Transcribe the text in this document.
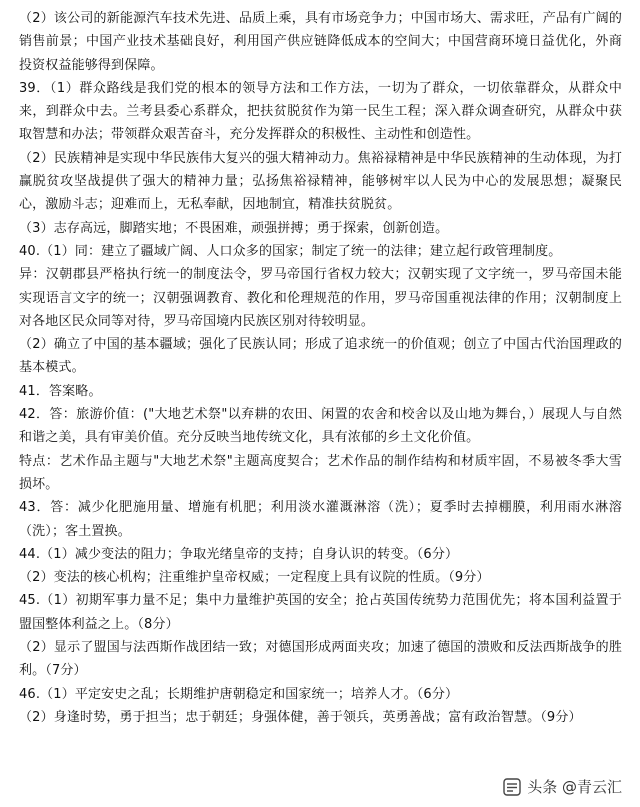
（2）该公司的新能源汽车技术先进、品质上乘，具有市场竞争力；中国市场大、需求旺，产品有广阔的销售前景；中国产业技术基础良好，利用国产供应链降低成本的空间大；中国营商环境日益优化，外商投资权益能够得到保障。

39．（1）群众路线是我们党的根本的领导方法和工作方法，一切为了群众，一切依靠群众，从群众中来，到群众中去。兰考县委心系群众，把扶贫脱贫作为第一民生工程；深入群众调查研究，从群众中获取智慧和办法；带领群众艰苦奋斗，充分发挥群众的积极性、主动性和创造性。

（2）民族精神是实现中华民族伟大复兴的强大精神动力。焦裕禄精神是中华民族精神的生动体现，为打赢脱贫攻坚战提供了强大的精神力量；弘扬焦裕禄精神，能够树牢以人民为中心的发展思想；凝聚民心，激励斗志；迎难而上，无私奉献，因地制宜，精准扶贫脱贫。

（3）志存高远，脚踏实地；不畏困难，顽强拼搏；勇于探索，创新创造。

40.（1）同：建立了疆域广阔、人口众多的国家；制定了统一的法律；建立起行政管理制度。

异：汉朝郡县严格执行统一的制度法令，罗马帝国行省权力较大；汉朝实现了文字统一，罗马帝国未能实现语言文字的统一；汉朝强调教育、教化和伦理规范的作用，罗马帝国重视法律的作用；汉朝制度上对各地区民众同等对待，罗马帝国境内民族区别对待较明显。

（2）确立了中国的基本疆域；强化了民族认同；形成了追求统一的价值观；创立了中国古代治国理政的基本模式。

41．答案略。

42．答：旅游价值：("大地艺术祭"以弃耕的农田、闲置的农舍和校舍以及山地为舞台，）展现人与自然和谐之美，具有审美价值。充分反映当地传统文化，具有浓郁的乡土文化价值。

特点：艺术作品主题与"大地艺术祭"主题高度契合；艺术作品的制作结构和材质牢固，不易被冬季大雪损坏。

43．答：减少化肥施用量、增施有机肥；利用淡水灌溉淋溶（洗）；夏季时去掉棚膜，利用雨水淋溶（洗）；客土置换。

44.（1）减少变法的阻力；争取光绪皇帝的支持；自身认识的转变。（6分）

（2）变法的核心机构；注重维护皇帝权威；一定程度上具有议院的性质。（9分）

45.（1）初期军事力量不足；集中力量维护英国的安全；抢占英国传统势力范围优先；将本国利益置于盟国整体利益之上。（8分）

（2）显示了盟国与法西斯作战团结一致；对德国形成两面夹攻；加速了德国的溃败和反法西斯战争的胜利。（7分）

46.（1）平定安史之乱；长期维护唐朝稳定和国家统一；培养人才。（6分）

（2）身逢时势，勇于担当；忠于朝廷；身强体健，善于领兵，英勇善战；富有政治智慧。（9分）

头条 @青云汇
